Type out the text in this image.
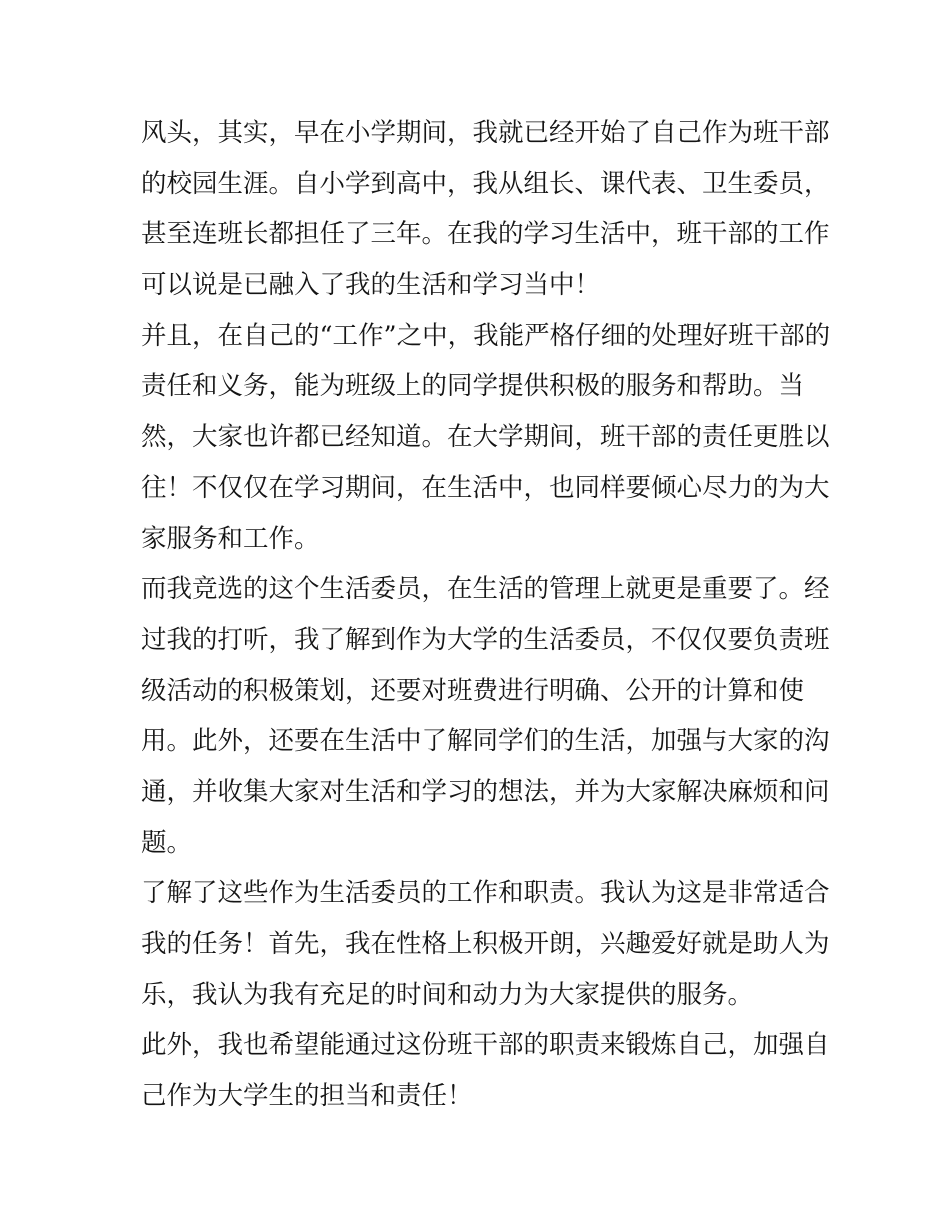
风头，其实，早在小学期间，我就已经开始了自己作为班干部
的校园生涯。自小学到高中，我从组长、课代表、卫生委员，
甚至连班长都担任了三年。在我的学习生活中，班干部的工作
可以说是已融入了我的生活和学习当中！
并且，在自己的“工作”之中，我能严格仔细的处理好班干部的
责任和义务，能为班级上的同学提供积极的服务和帮助。当
然，大家也许都已经知道。在大学期间，班干部的责任更胜以
往！不仅仅在学习期间，在生活中，也同样要倾心尽力的为大
家服务和工作。
而我竞选的这个生活委员，在生活的管理上就更是重要了。经
过我的打听，我了解到作为大学的生活委员，不仅仅要负责班
级活动的积极策划，还要对班费进行明确、公开的计算和使
用。此外，还要在生活中了解同学们的生活，加强与大家的沟
通，并收集大家对生活和学习的想法，并为大家解决麻烦和问
题。
了解了这些作为生活委员的工作和职责。我认为这是非常适合
我的任务！首先，我在性格上积极开朗，兴趣爱好就是助人为
乐，我认为我有充足的时间和动力为大家提供的服务。
此外，我也希望能通过这份班干部的职责来锻炼自己，加强自
己作为大学生的担当和责任！
